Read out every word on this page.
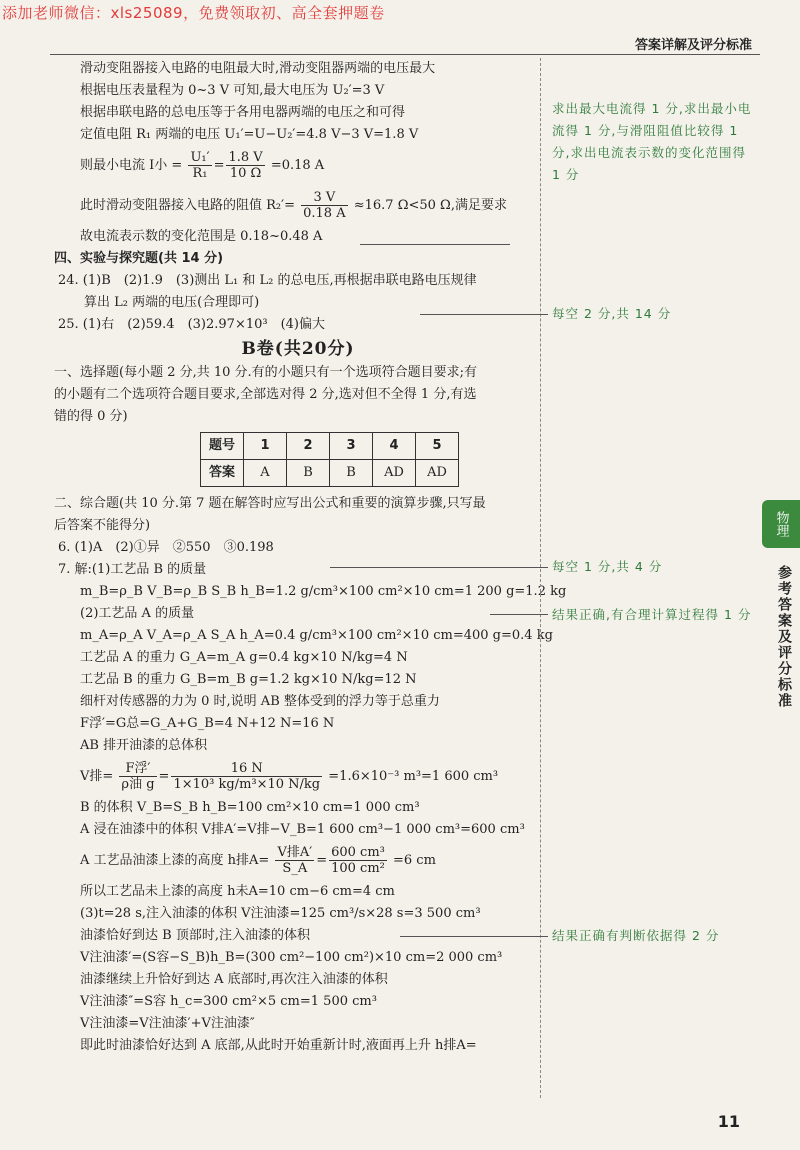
添加老师微信：xls25089，免费领取初、高全套押题卷
答案详解及评分标准
滑动变阻器接入电路的电阻最大时,滑动变阻器两端的电压最大
根据电压表量程为 0~3 V 可知,最大电压为 U₂′=3 V
根据串联电路的总电压等于各用电器两端的电压之和可得
定值电阻 R₁ 两端的电压 U₁′=U−U₂′=4.8 V−3 V=1.8 V
则最小电流 I小 = $\frac{\text{U₁′}}{\text{R₁}} = \frac{1.8 V}{10 \Omega} =0.18$ A
此时滑动变阻器接入电路的阻值 $R_2'= \frac{3 V}{0.18 A} \approx 16.7$ Ω<50 Ω,满足要求
故电流表示数的变化范围是 0.18~0.48 A
四、实验与探究题(共 14 分)
24. (1)B　(2)1.9　(3)测出 L₁ 和 L₂ 的总电压,再根据串联电路电压规律
算出 L₂ 两端的电压(合理即可)
25. (1)右　(2)59.4　(3)2.97×10³　(4)偏大
B卷(共20分)
一、选择题(每小题 2 分,共 10 分.有的小题只有一个选项符合题目要求;有
的小题有二个选项符合题目要求,全部选对得 2 分,选对但不全得 1 分,有选
错的得 0 分)
题号	1	2	3	4	5
答案	A	B	B	AD	AD
二、综合题(共 10 分.第 7 题在解答时应写出公式和重要的演算步骤,只写最
后答案不能得分)
6. (1)A　(2)①异　②550　③0.198
7. 解:(1)工艺品 B 的质量
m_B=ρ_B V_B=ρ_B S_B h_B=1.2 g/cm³×100 cm²×10 cm=1 200 g=1.2 kg
(2)工艺品 A 的质量
m_A=ρ_A V_A=ρ_A S_A h_A=0.4 g/cm³×100 cm²×10 cm=400 g=0.4 kg
工艺品 A 的重力 G_A=m_A g=0.4 kg×10 N/kg=4 N
工艺品 B 的重力 G_B=m_B g=1.2 kg×10 N/kg=12 N
细杆对传感器的力为 0 时,说明 AB 整体受到的浮力等于总重力
F浮′=G总=G_A+G_B=4 N+12 N=16 N
AB 排开油漆的总体积
V排= $\frac{\text{F浮′}}{\text{ρ油 g}} = \frac{16 N}{\text{1×10³ kg/m³×10 N/kg}} =1.6\times 10^{-3}$ m³=1 600 cm³
B 的体积 V_B=S_B h_B=100 cm²×10 cm=1 000 cm³
A 浸在油漆中的体积 V排A′=V排−V_B=1 600 cm³−1 000 cm³=600 cm³
A 工艺品油漆上漆的高度 h排$A= \frac{\text{V排A′}}{S\_A} = \frac{\text{600 cm³}}{\text{100 cm²}} =6$ cm
所以工艺品未上漆的高度 h未A=10 cm−6 cm=4 cm
(3)t=28 s,注入油漆的体积 V注油漆=125 cm³/s×28 s=3 500 cm³
油漆恰好到达 B 顶部时,注入油漆的体积
V注油漆′=(S容−S_B)h_B=(300 cm²−100 cm²)×10 cm=2 000 cm³
油漆继续上升恰好到达 A 底部时,再次注入油漆的体积
V注油漆″=S容 h_c=300 cm²×5 cm=1 500 cm³
V注油漆=V注油漆′+V注油漆″
即此时油漆恰好达到 A 底部,从此时开始重新计时,液面再上升 h排A=
求出最大电流得 1 分,求出最小电流得 1 分,与滑阻阻值比较得 1 分,求出电流表示数的变化范围得 1 分
每空 2 分,共 14 分
每空 1 分,共 4 分
结果正确,有合理计算过程得 1 分
结果正确有判断依据得 2 分
物理
参考答案及评分标准
11
